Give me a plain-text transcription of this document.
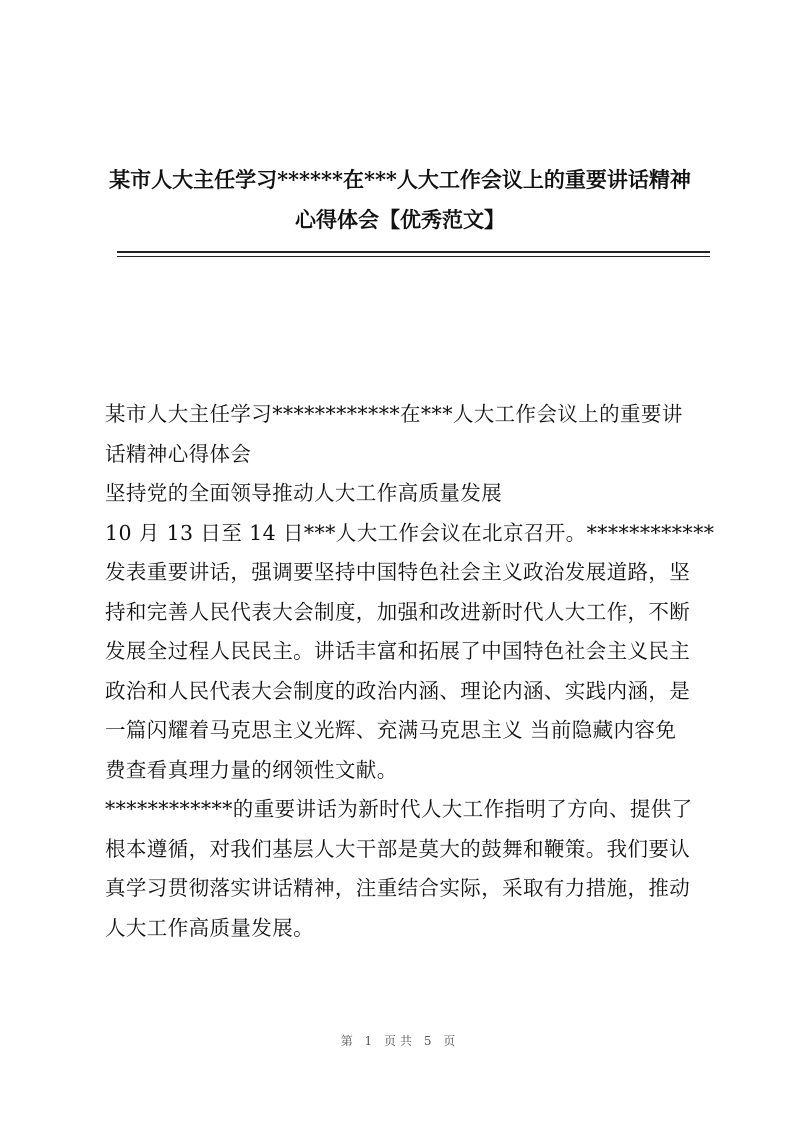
某市人大主任学习******在***人大工作会议上的重要讲话精神
心得体会【优秀范文】
某市人大主任学习************在***人大工作会议上的重要讲
话精神心得体会
坚持党的全面领导推动人大工作高质量发展
10 月 13 日至 14 日***人大工作会议在北京召开。************
发表重要讲话，强调要坚持中国特色社会主义政治发展道路，坚
持和完善人民代表大会制度，加强和改进新时代人大工作，不断
发展全过程人民民主。讲话丰富和拓展了中国特色社会主义民主
政治和人民代表大会制度的政治内涵、理论内涵、实践内涵，是
一篇闪耀着马克思主义光辉、充满马克思主义 当前隐藏内容免
费查看真理力量的纲领性文献。
************的重要讲话为新时代人大工作指明了方向、提供了
根本遵循，对我们基层人大干部是莫大的鼓舞和鞭策。我们要认
真学习贯彻落实讲话精神，注重结合实际，采取有力措施，推动
人大工作高质量发展。
第 1 页共 5 页
